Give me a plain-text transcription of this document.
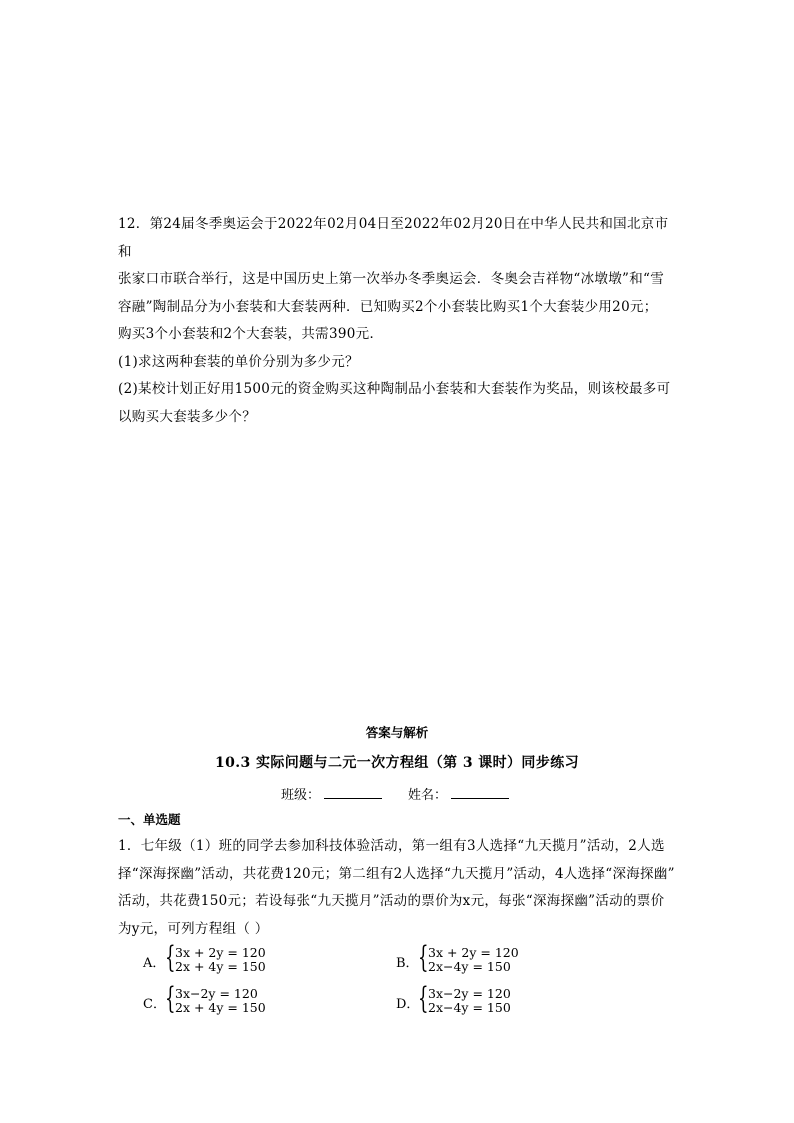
12．第24届冬季奥运会于2022年02月04日至2022年02月20日在中华人民共和国北京市和

张家口市联合举行，这是中国历史上第一次举办冬季奥运会．冬奥会吉祥物“冰墩墩”和“雪

容融”陶制品分为小套装和大套装两种．已知购买2个小套装比购买1个大套装少用20元；

购买3个小套装和2个大套装，共需390元．

(1)求这两种套装的单价分别为多少元？

(2)某校计划正好用1500元的资金购买这种陶制品小套装和大套装作为奖品，则该校最多可

以购买大套装多少个？

答案与解析
10.3 实际问题与二元一次方程组（第 3 课时）同步练习
班级：	姓名：
一、单选题

1．七年级（1）班的同学去参加科技体验活动，第一组有3人选择“九天揽月”活动，2人选

择“深海探幽”活动，共花费120元；第二组有2人选择“九天揽月”活动，4人选择“深海探幽”

活动，共花费150元；若设每张“九天揽月”活动的票价为x元，每张“深海探幽”活动的票价

为y元，可列方程组（ ）

A． { 3x + 2y = 120
2x + 4y = 150	B． { 3x + 2y = 120
2x−4y = 150
C． { 3x−2y = 120
2x + 4y = 150	D．
{ 3x−2y = 120
2x−4y = 150
